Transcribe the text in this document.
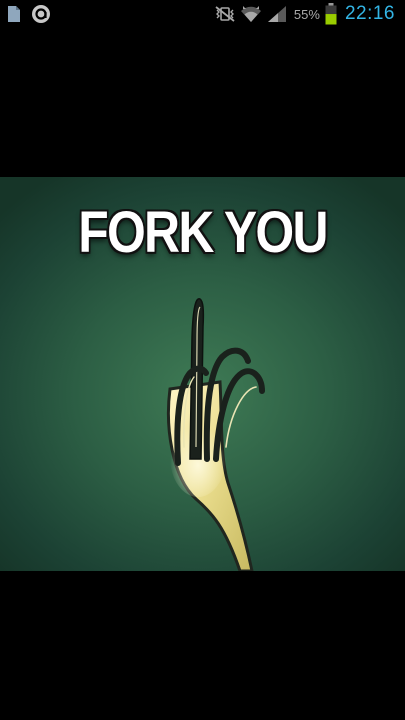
55% 22:16
FORK YOU
